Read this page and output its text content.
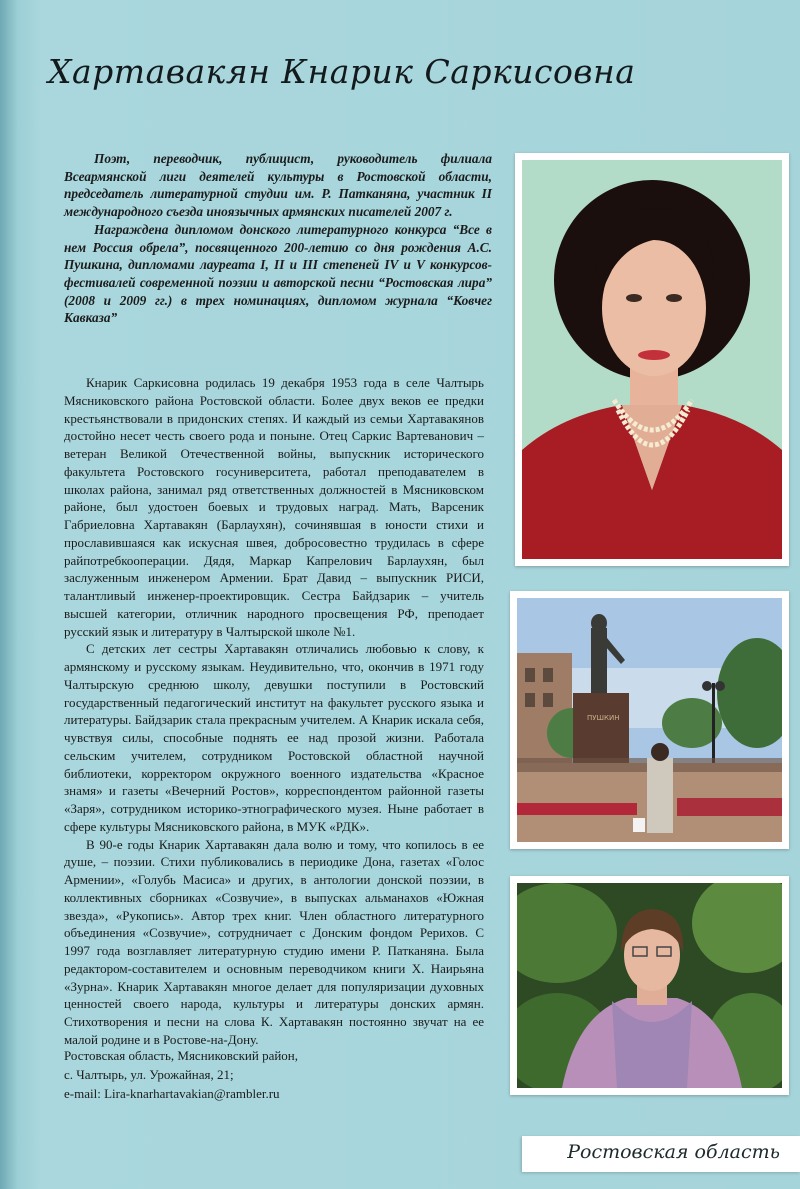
Хартавакян Кнарик Саркисовна

Поэт, переводчик, публицист, руководитель филиала Всеармянской лиги деятелей культуры в Ростовской области, председатель литературной студии им. Р. Патканяна, участник II международного съезда иноязычных армянских писателей 2007 г.

Награждена дипломом донского литературного конкурса “Все в нем Россия обрела”, посвященного 200-летию со дня рождения А.С. Пушкина, дипломами лауреата I, II и III степеней IV и V конкурсов-фестивалей современной поэзии и авторской песни “Ростовская лира” (2008 и 2009 гг.) в трех номинациях, дипломом журнала “Ковчег Кавказа”

Кнарик Саркисовна родилась 19 декабря 1953 года в селе Чалтырь Мясниковского района Ростовской области. Более двух веков ее предки крестьянствовали в придонских степях. И каждый из семьи Хартавакянов достойно несет честь своего рода и поныне. Отец Саркис Вартеванович – ветеран Великой Отечественной войны, выпускник исторического факультета Ростовского госуниверситета, работал преподавателем в школах района, занимал ряд ответственных должностей в Мясниковском районе, был удостоен боевых и трудовых наград. Мать, Варсеник Габриеловна Хартавакян (Барлаухян), сочинявшая в юности стихи и прославившаяся как искусная швея, добросовестно трудилась в сфере райпотребкооперации. Дядя, Маркар Капрелович Барлаухян, был заслуженным инженером Армении. Брат Давид – выпускник РИСИ, талантливый инженер-проектировщик. Сестра Байдзарик – учитель высшей категории, отличник народного просвещения РФ, преподает русский язык и литературу в Чалтырской школе №1.

С детских лет сестры Хартавакян отличались любовью к слову, к армянскому и русскому языкам. Неудивительно, что, окончив в 1971 году Чалтырскую среднюю школу, девушки поступили в Ростовский государственный педагогический институт на факультет русского языка и литературы. Байдзарик стала прекрасным учителем. А Кнарик искала себя, чувствуя силы, способные поднять ее над прозой жизни. Работала сельским учителем, сотрудником Ростовской областной научной библиотеки, корректором окружного военного издательства «Красное знамя» и газеты «Вечерний Ростов», корреспондентом районной газеты «Заря», сотрудником историко-этнографического музея. Ныне работает в сфере культуры Мясниковского района, в МУК «РДК».

В 90-е годы Кнарик Хартавакян дала волю и тому, что копилось в ее душе, – поэзии. Стихи публиковались в периодике Дона, газетах «Голос Армении», «Голубь Масиса» и других, в антологии донской поэзии, в коллективных сборниках «Созвучие», в выпусках альманахов «Южная звезда», «Рукопись». Автор трех книг. Член областного литературного объединения «Созвучие», сотрудничает с Донским фондом Рерихов. С 1997 года возглавляет литературную студию имени Р. Патканяна. Была редактором-составителем и основным переводчиком книги Х. Наирьяна «Зурна». Кнарик Хартавакян многое делает для популяризации духовных ценностей своего народа, культуры и литературы донских армян. Стихотворения и песни на слова К. Хартавакян постоянно звучат на ее малой родине и в Ростове-на-Дону.

Ростовская область, Мясниковский район,
с. Чалтырь, ул. Урожайная, 21;
e-mail: Lira-knarhartavakian@rambler.ru
ПУШКИН
Ростовская область
